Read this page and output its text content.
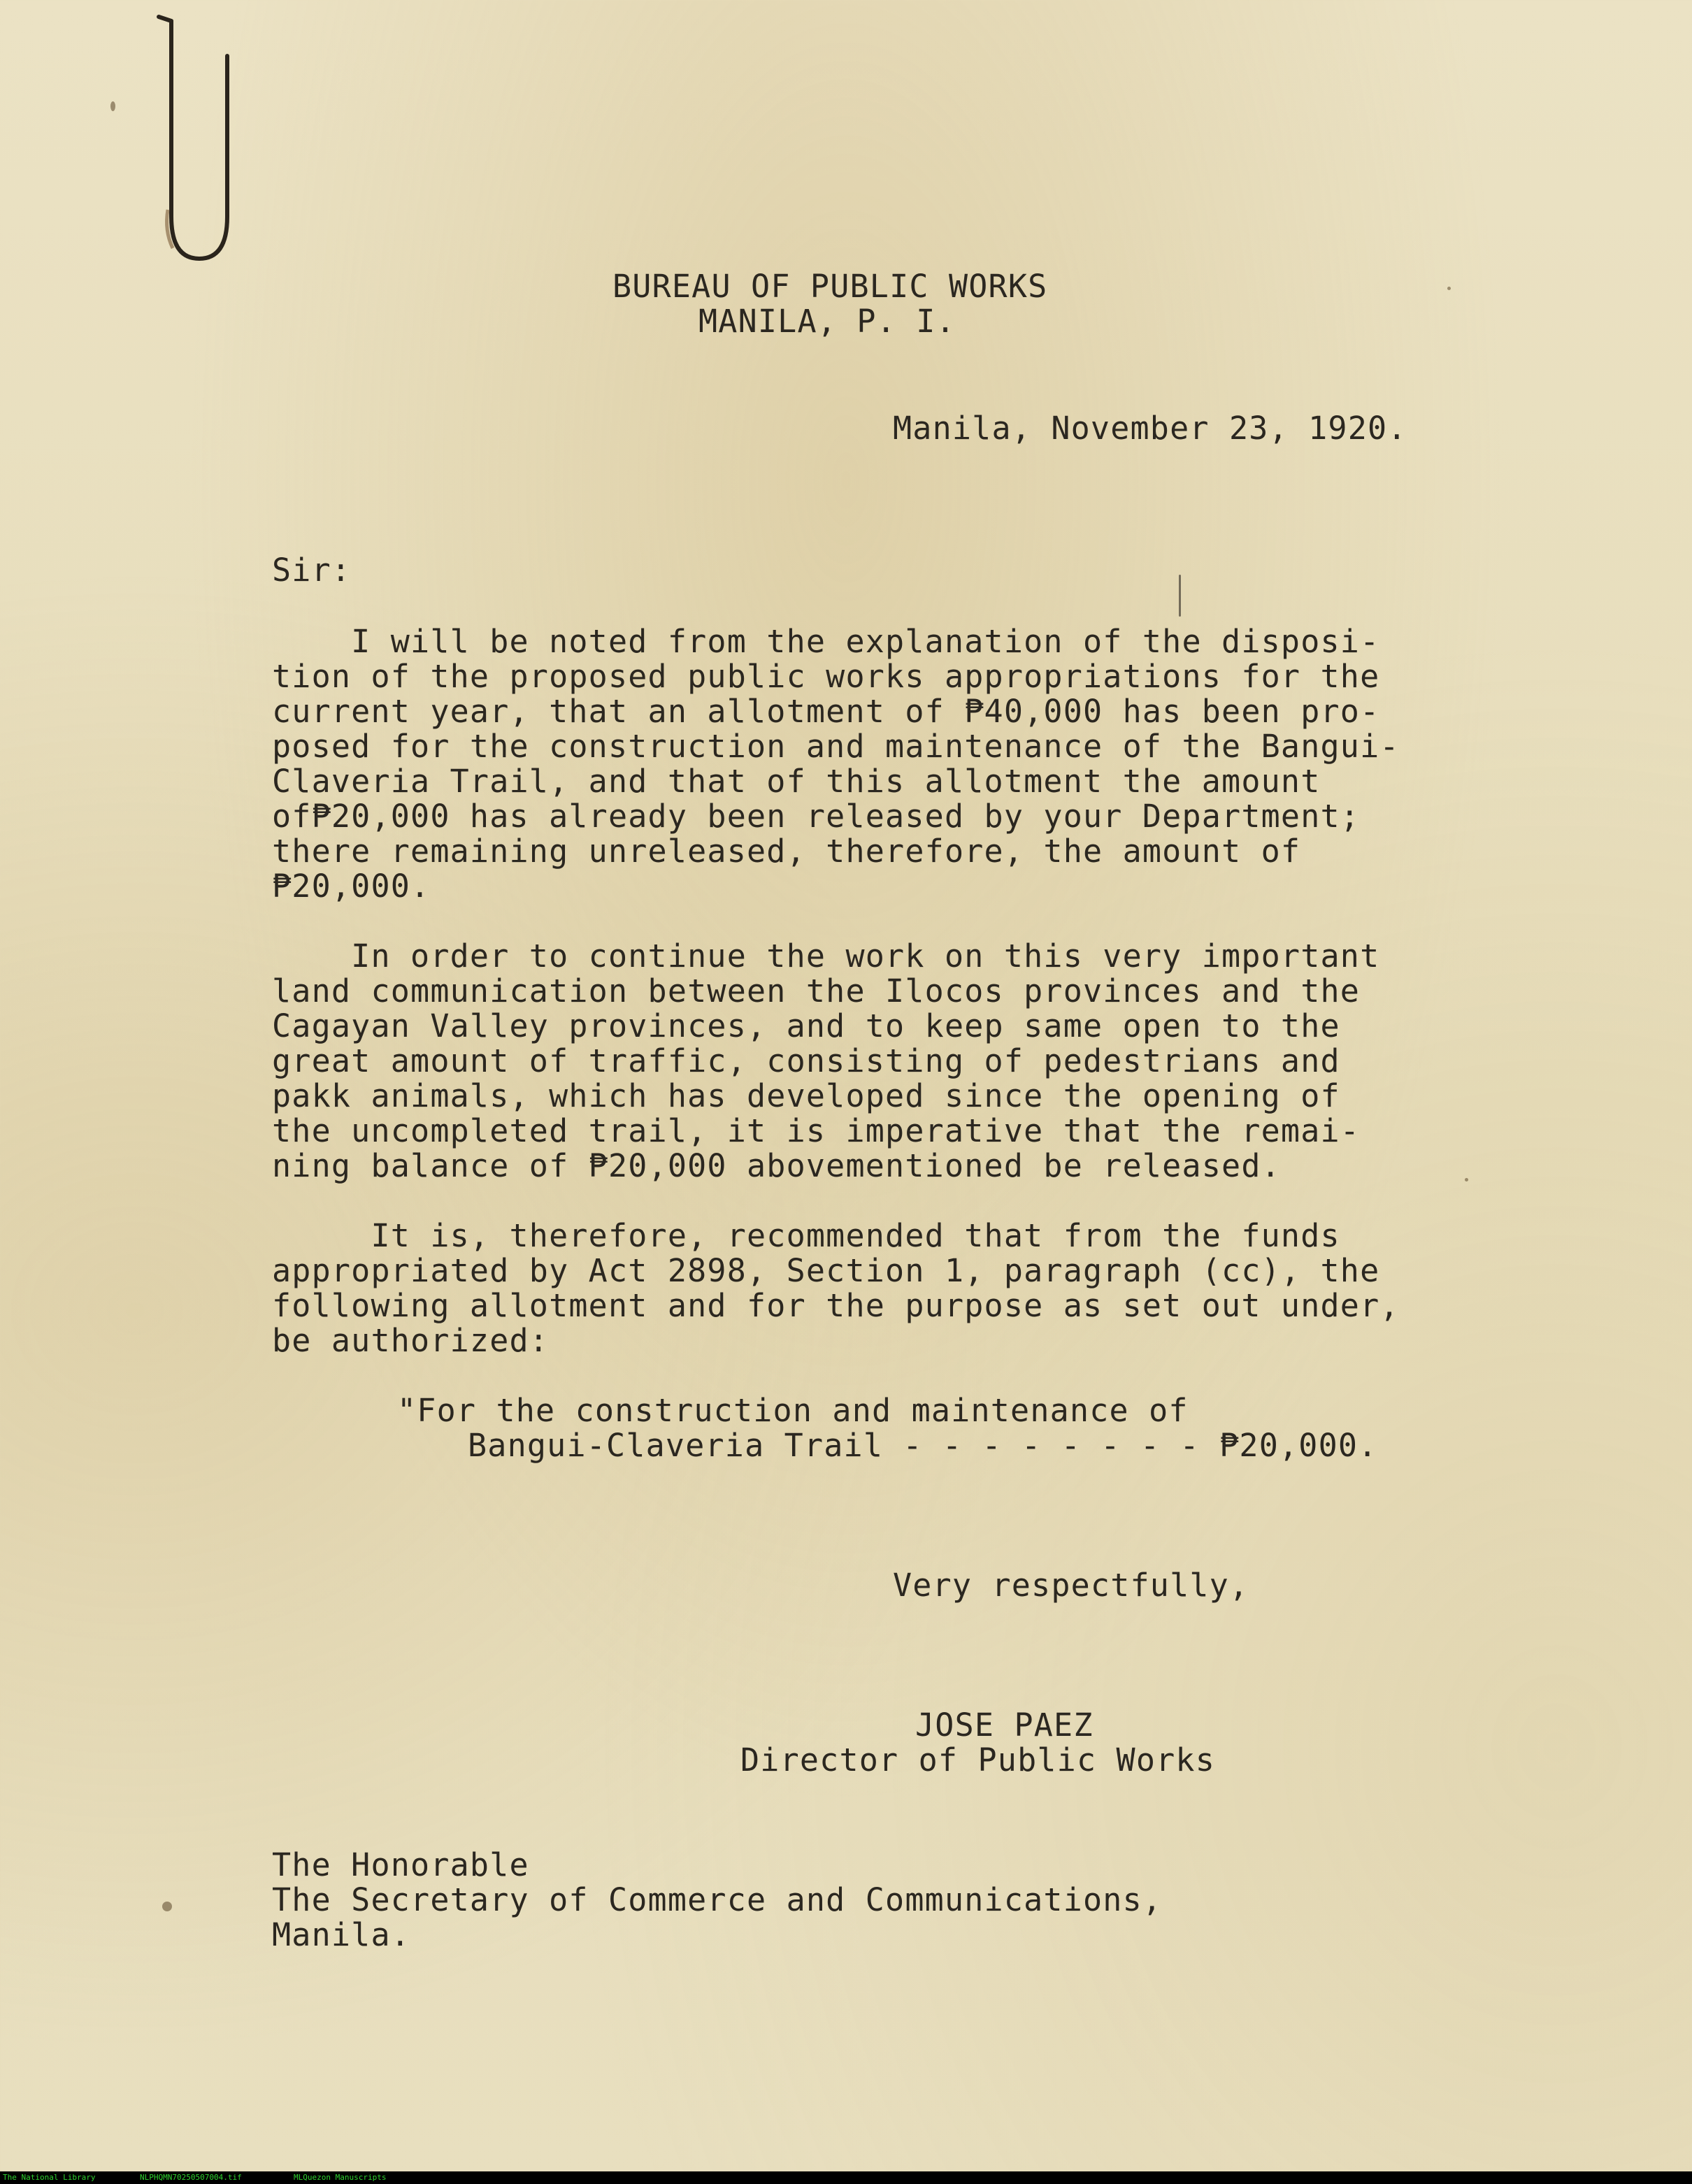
BUREAU OF PUBLIC WORKS

MANILA, P. I.

Manila, November 23, 1920.

Sir:

I will be noted from the explanation of the disposi-

tion of the proposed public works appropriations for the

current year, that an allotment of ₱40,000 has been pro-

posed for the construction and maintenance of the Bangui-

Claveria Trail, and that of this allotment the amount

of₱20,000 has already been released by your Department;

there remaining unreleased, therefore, the amount of

₱20,000.

In order to continue the work on this very important

land communication between the Ilocos provinces and the

Cagayan Valley provinces, and to keep same open to the

great amount of traffic, consisting of pedestrians and

pakk animals, which has developed since the opening of

the uncompleted trail, it is imperative that the remai-

ning balance of ₱20,000 abovementioned be released.

It is, therefore, recommended that from the funds

appropriated by Act 2898, Section 1, paragraph (cc), the

following allotment and for the purpose as set out under,

be authorized:

"For the construction and maintenance of

Bangui-Claveria Trail - - - - - - - - ₱20,000.

Very respectfully,

JOSE PAEZ

Director of Public Works

The Honorable

The Secretary of Commerce and Communications,

Manila.

The National Library

	NLPHQMN70250507004.tif

	MLQuezon Manuscripts
